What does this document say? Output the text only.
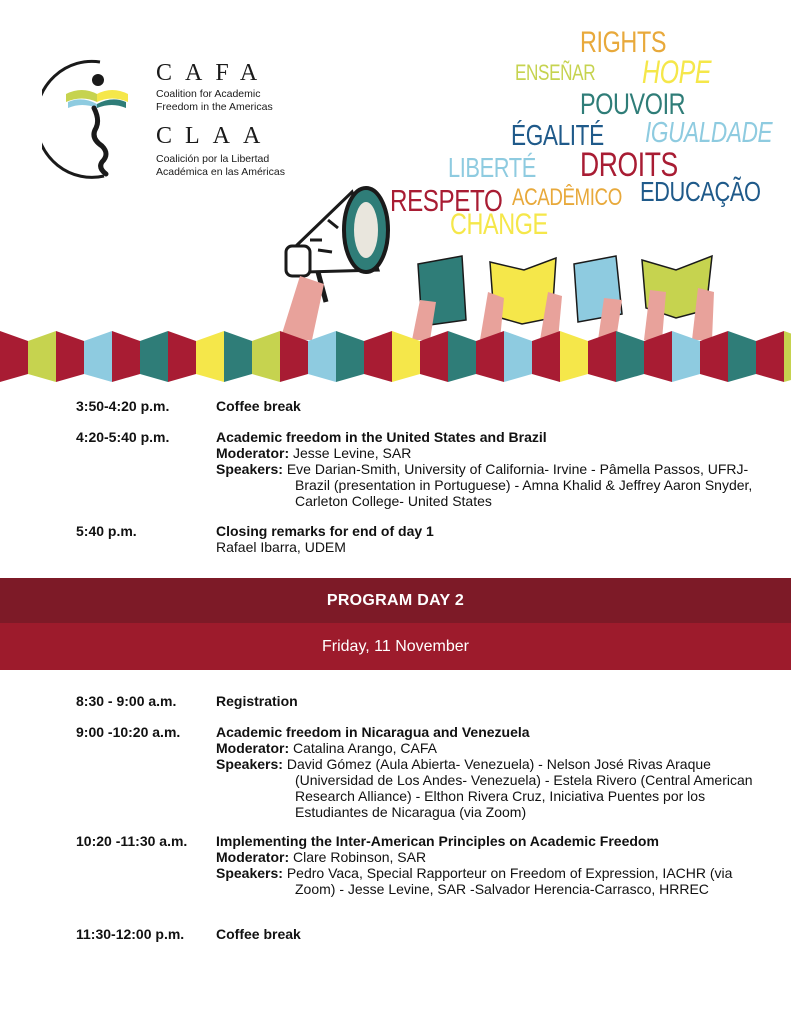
CAFA
Coalition for Academic
Freedom in the Americas
CLAA
Coalición por la Libertad
Académica en las Américas
RIGHTS
ENSEÑAR HOPE
POUVOIR
ÉGALITÉ IGUALDADE
LIBERTÉ DROITS
RESPETO ACADÊMICO EDUCAÇÃO
CHANGE
3:50-4:20 p.m.	Coffee break
4:20-5:40 p.m.	Academic freedom in the United States and Brazil
Moderator: Jesse Levine, SAR
Speakers: Eve Darian-Smith, University of California- Irvine - Pâmella Passos, UFRJ- Brazil (presentation in Portuguese) - Amna Khalid & Jeffrey Aaron Snyder, Carleton College- United States
5:40 p.m.	Closing remarks for end of day 1
Rafael Ibarra, UDEM
PROGRAM DAY 2
Friday, 11 November
8:30 - 9:00 a.m.	Registration
9:00 -10:20 a.m.	Academic freedom in Nicaragua and Venezuela
Moderator: Catalina Arango, CAFA
Speakers: David Gómez (Aula Abierta- Venezuela) - Nelson José Rivas Araque (Universidad de Los Andes- Venezuela) - Estela Rivero (Central American Research Alliance) - Elthon Rivera Cruz, Iniciativa Puentes por los Estudiantes de Nicaragua (via Zoom)
10:20 -11:30 a.m. Implementing the Inter-American Principles on Academic Freedom
Moderator: Clare Robinson, SAR
Speakers: Pedro Vaca, Special Rapporteur on Freedom of Expression, IACHR (via Zoom) - Jesse Levine, SAR -Salvador Herencia-Carrasco, HRREC
11:30-12:00 p.m. Coffee break
